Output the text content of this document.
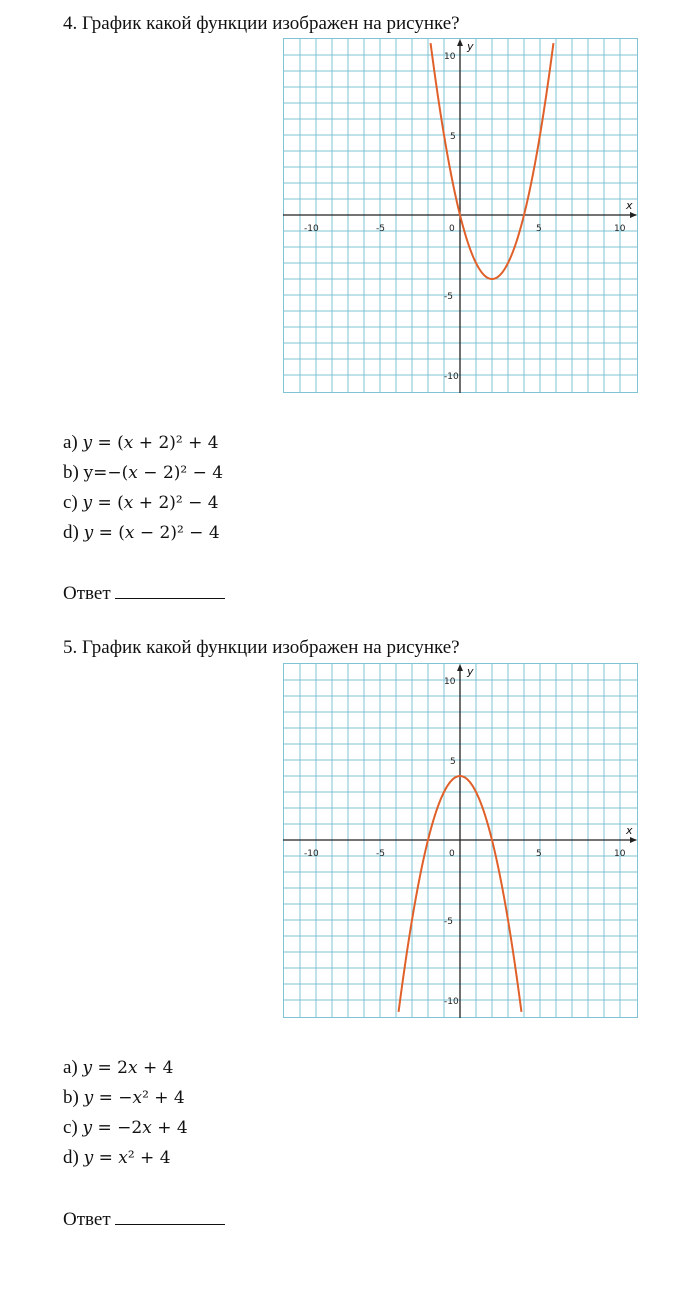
4. График какой функции изображен на рисунке?
x
y
-10	-5	0	5	10
10
5
-5
-10
a) 𝑦 = (𝑥 + 2)² + 4
b) y=−(𝑥 − 2)² − 4
c) 𝑦 = (𝑥 + 2)² − 4
d) 𝑦 = (𝑥 − 2)² − 4
Ответ
5. График какой функции изображен на рисунке?
x
y
-10	-5	0	5	10
10
5
-5
-10
a) 𝑦 = 2𝑥 + 4
b) 𝑦 = −𝑥² + 4
c) 𝑦 = −2𝑥 + 4
d) 𝑦 = 𝑥² + 4
Ответ
